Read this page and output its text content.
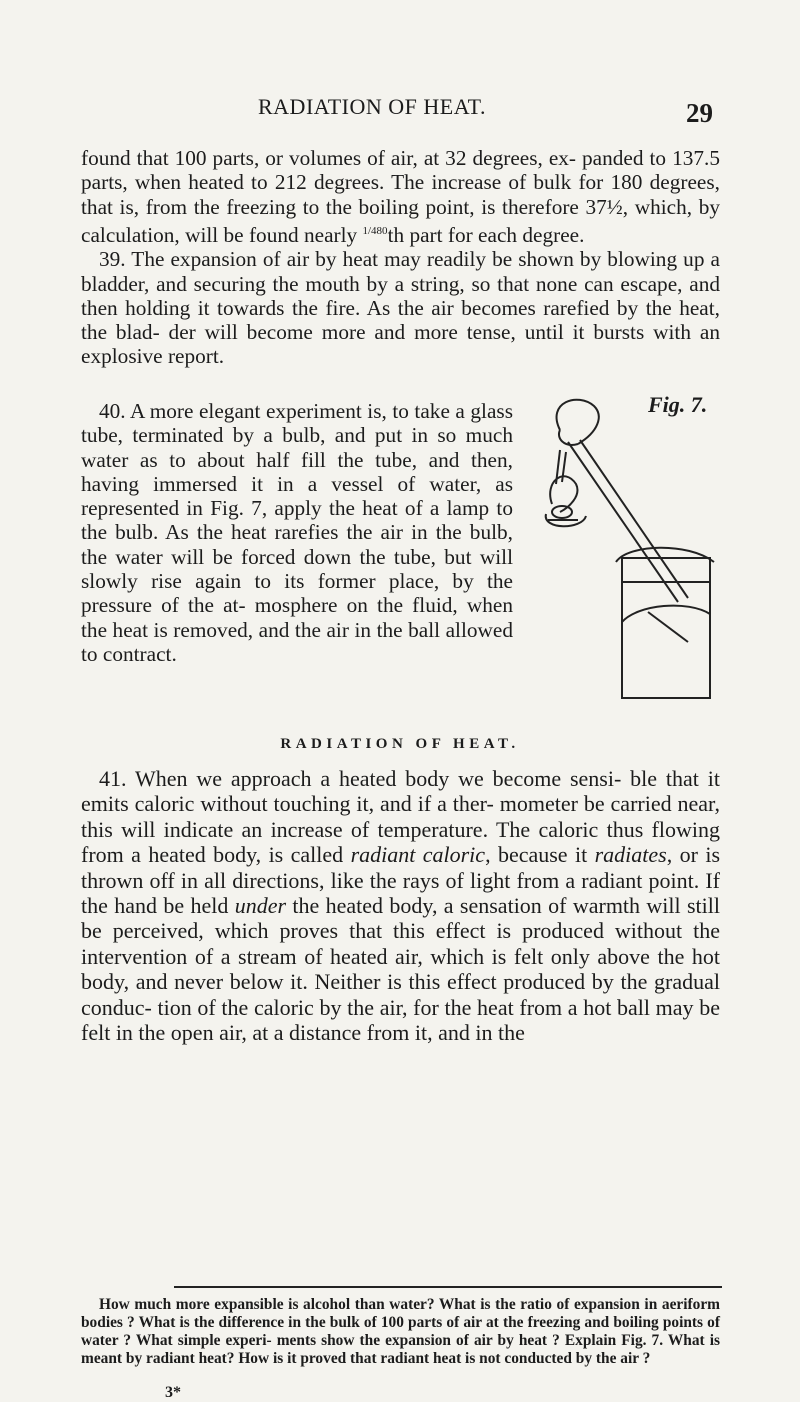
RADIATION OF HEAT.	29

found that 100 parts, or volumes of air, at 32 degrees, ex- panded to 137.5 parts, when heated to 212 degrees. The increase of bulk for 180 degrees, that is, from the freezing to the boiling point, is therefore 37½, which, by calculation, will be found nearly $^{1/480}$th part for each degree.

39. The expansion of air by heat may readily be shown by blowing up a bladder, and securing the mouth by a string, so that none can escape, and then holding it towards the fire. As the air becomes rarefied by the heat, the blad- der will become more and more tense, until it bursts with an explosive report.

40. A more elegant experiment is, to take a glass tube, terminated by a bulb, and put in so much water as to about half fill the tube, and then, having immersed it in a vessel of water, as represented in Fig. 7, apply the heat of a lamp to the bulb. As the heat rarefies the air in the bulb, the water will be forced down the tube, but will slowly rise again to its former place, by the pressure of the at- mosphere on the fluid, when the heat is removed, and the air in the ball allowed to contract.
Fig. 7.
RADIATION OF HEAT.

41. When we approach a heated body we become sensi- ble that it emits caloric without touching it, and if a ther- mometer be carried near, this will indicate an increase of temperature. The caloric thus flowing from a heated body, is called radiant caloric, because it radiates, or is thrown off in all directions, like the rays of light from a radiant point. If the hand be held under the heated body, a sensation of warmth will still be perceived, which proves that this effect is produced without the intervention of a stream of heated air, which is felt only above the hot body, and never below it. Neither is this effect produced by the gradual conduc- tion of the caloric by the air, for the heat from a hot ball may be felt in the open air, at a distance from it, and in the

How much more expansible is alcohol than water? What is the ratio of expansion in aeriform bodies ? What is the difference in the bulk of 100 parts of air at the freezing and boiling points of water ? What simple experi- ments show the expansion of air by heat ? Explain Fig. 7. What is meant by radiant heat? How is it proved that radiant heat is not conducted by the air ?

3*
